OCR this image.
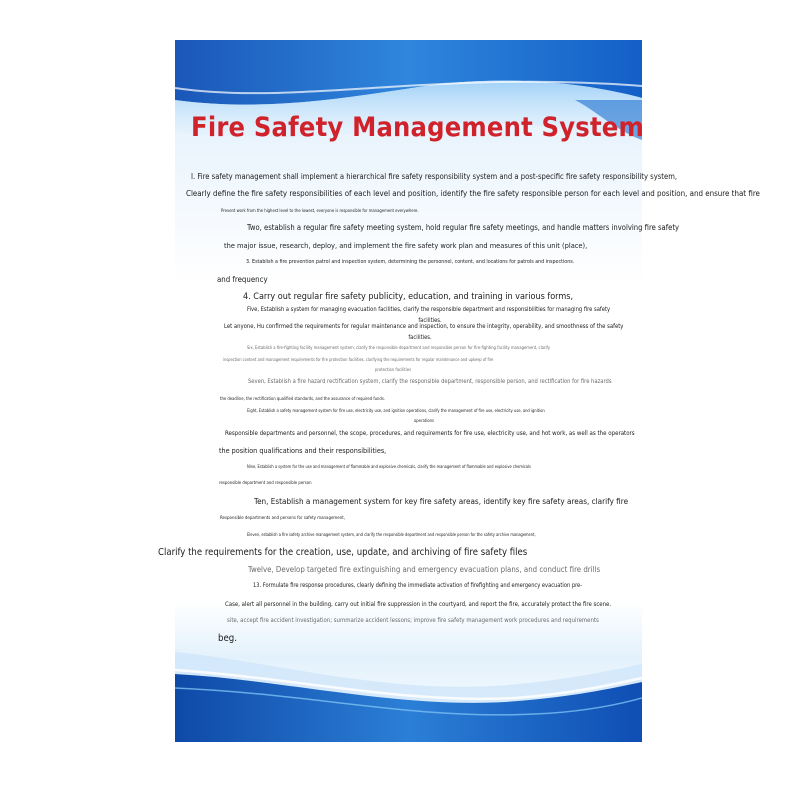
Fire Safety Management System
I. Fire safety management shall implement a hierarchical fire safety responsibility system and a post-specific fire safety responsibility system,
Clearly define the fire safety responsibilities of each level and position, identify the fire safety responsible person for each level and position, and ensure that fire
Prevent work from the highest level to the lowest, everyone is responsible for management everywhere.
Two, establish a regular fire safety meeting system, hold regular fire safety meetings, and handle matters involving fire safety
the major issue, research, deploy, and implement the fire safety work plan and measures of this unit (place),
3. Establish a fire prevention patrol and inspection system, determining the personnel, content, and locations for patrols and inspections.
and frequency
4. Carry out regular fire safety publicity, education, and training in various forms,
Five, Establish a system for managing evacuation facilities, clarify the responsible department and responsibilities for managing fire safety
facilities.
Let anyone, Hu confirmed the requirements for regular maintenance and inspection, to ensure the integrity, operability, and smoothness of the safety
facilities.
Six, Establish a fire-fighting facility management system, clarify the responsible department and responsible person for fire-fighting facility management, clarify
inspection content and management requirements for fire protection facilities, clarifying the requirements for regular maintenance and upkeep of fire
protection facilities
Seven, Establish a fire hazard rectification system, clarify the responsible department, responsible person, and rectification for fire hazards
the deadline, the rectification qualified standards, and the assurance of required funds.
Eight, Establish a safety management system for fire use, electricity use, and ignition operations, clarify the management of fire use, electricity use, and ignition
operations
Responsible departments and personnel, the scope, procedures, and requirements for fire use, electricity use, and hot work, as well as the operators
the position qualifications and their responsibilities,
Nine, Establish a system for the use and management of flammable and explosive chemicals, clarify the management of flammable and explosive chemicals
responsible department and responsible person
Ten, Establish a management system for key fire safety areas, identify key fire safety areas, clarify fire
Responsible departments and persons for safety management,
Eleven, establish a fire safety archive management system, and clarify the responsible department and responsible person for the safety archive management,
Clarify the requirements for the creation, use, update, and archiving of fire safety files
Twelve, Develop targeted fire extinguishing and emergency evacuation plans, and conduct fire drills
13. Formulate fire response procedures, clearly defining the immediate activation of firefighting and emergency evacuation pre-
Case, alert all personnel in the building, carry out initial fire suppression in the courtyard, and report the fire, accurately protect the fire scene.
site, accept fire accident investigation; summarize accident lessons; improve fire safety management work procedures and requirements
beg.
